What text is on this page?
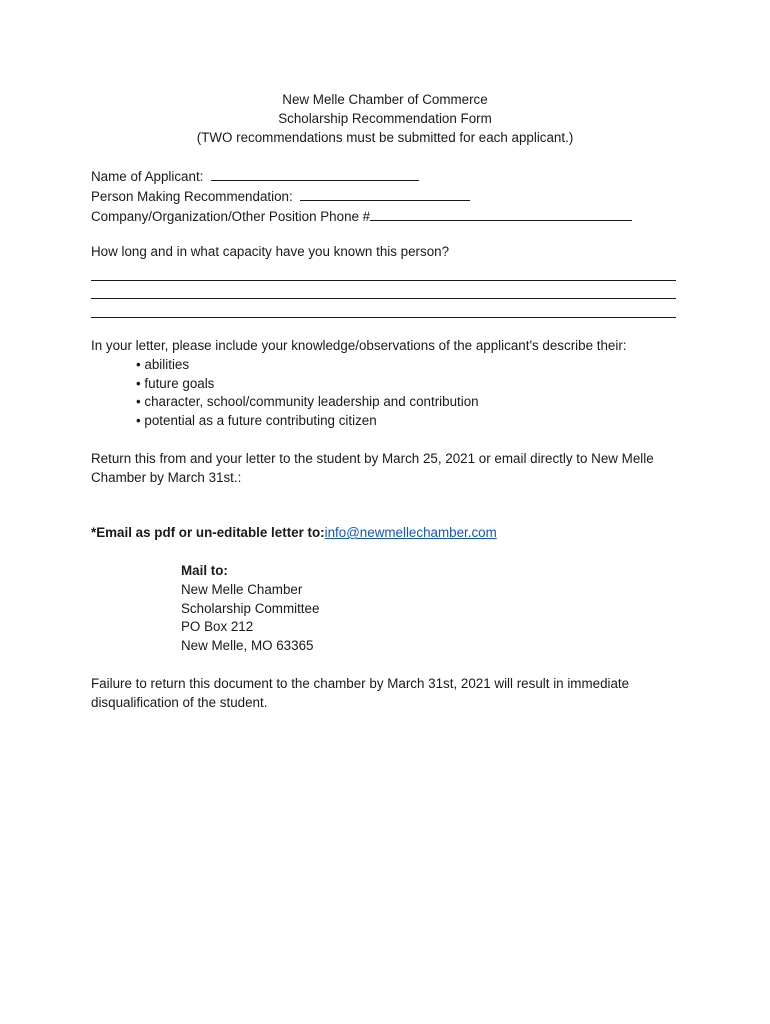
New Melle Chamber of Commerce
Scholarship Recommendation Form
(TWO recommendations must be submitted for each applicant.)
Name of Applicant:
Person Making Recommendation:
Company/Organization/Other Position Phone #
How long and in what capacity have you known this person?
In your letter, please include your knowledge/observations of the applicant's describe their:
• abilities
• future goals
• character, school/community leadership and contribution
• potential as a future contributing citizen
Return this from and your letter to the student by March 25, 2021 or email directly to New Melle
Chamber by March 31st.:
*Email as pdf or un-editable letter to:info@newmellechamber.com
Mail to:
New Melle Chamber
Scholarship Committee
PO Box 212
New Melle, MO 63365
Failure to return this document to the chamber by March 31st, 2021 will result in immediate
disqualification of the student.
